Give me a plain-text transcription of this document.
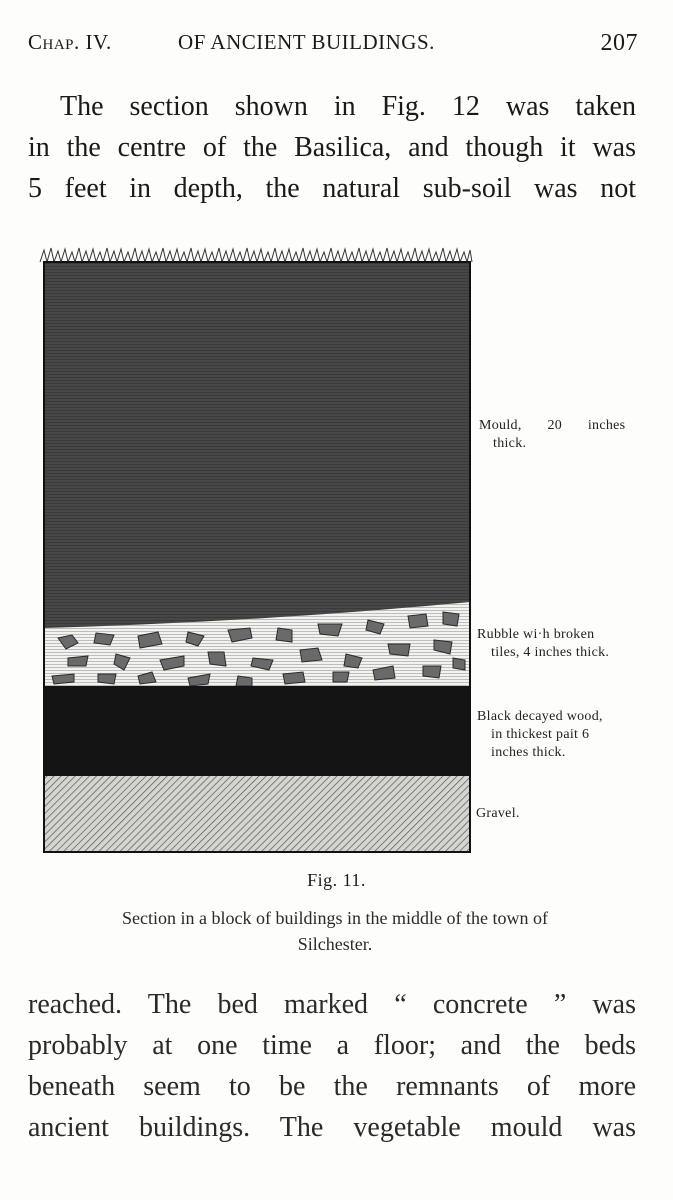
Chap. IV.	OF ANCIENT BUILDINGS.	207
The section shown in Fig. 12 was taken
in the centre of the Basilica, and though it was
5 feet in depth, the natural sub-soil was not
Mould, 20 inches
thick.
Rubble wi·h broken
tiles, 4 inches thick.
Black decayed wood,
in thickest pait 6
inches thick.
Gravel.
Fig. 11.
Section in a block of buildings in the middle of the town of
Silchester.
reached. The bed marked “ concrete ” was
probably at one time a floor; and the beds
beneath seem to be the remnants of more
ancient buildings. The vegetable mould was
